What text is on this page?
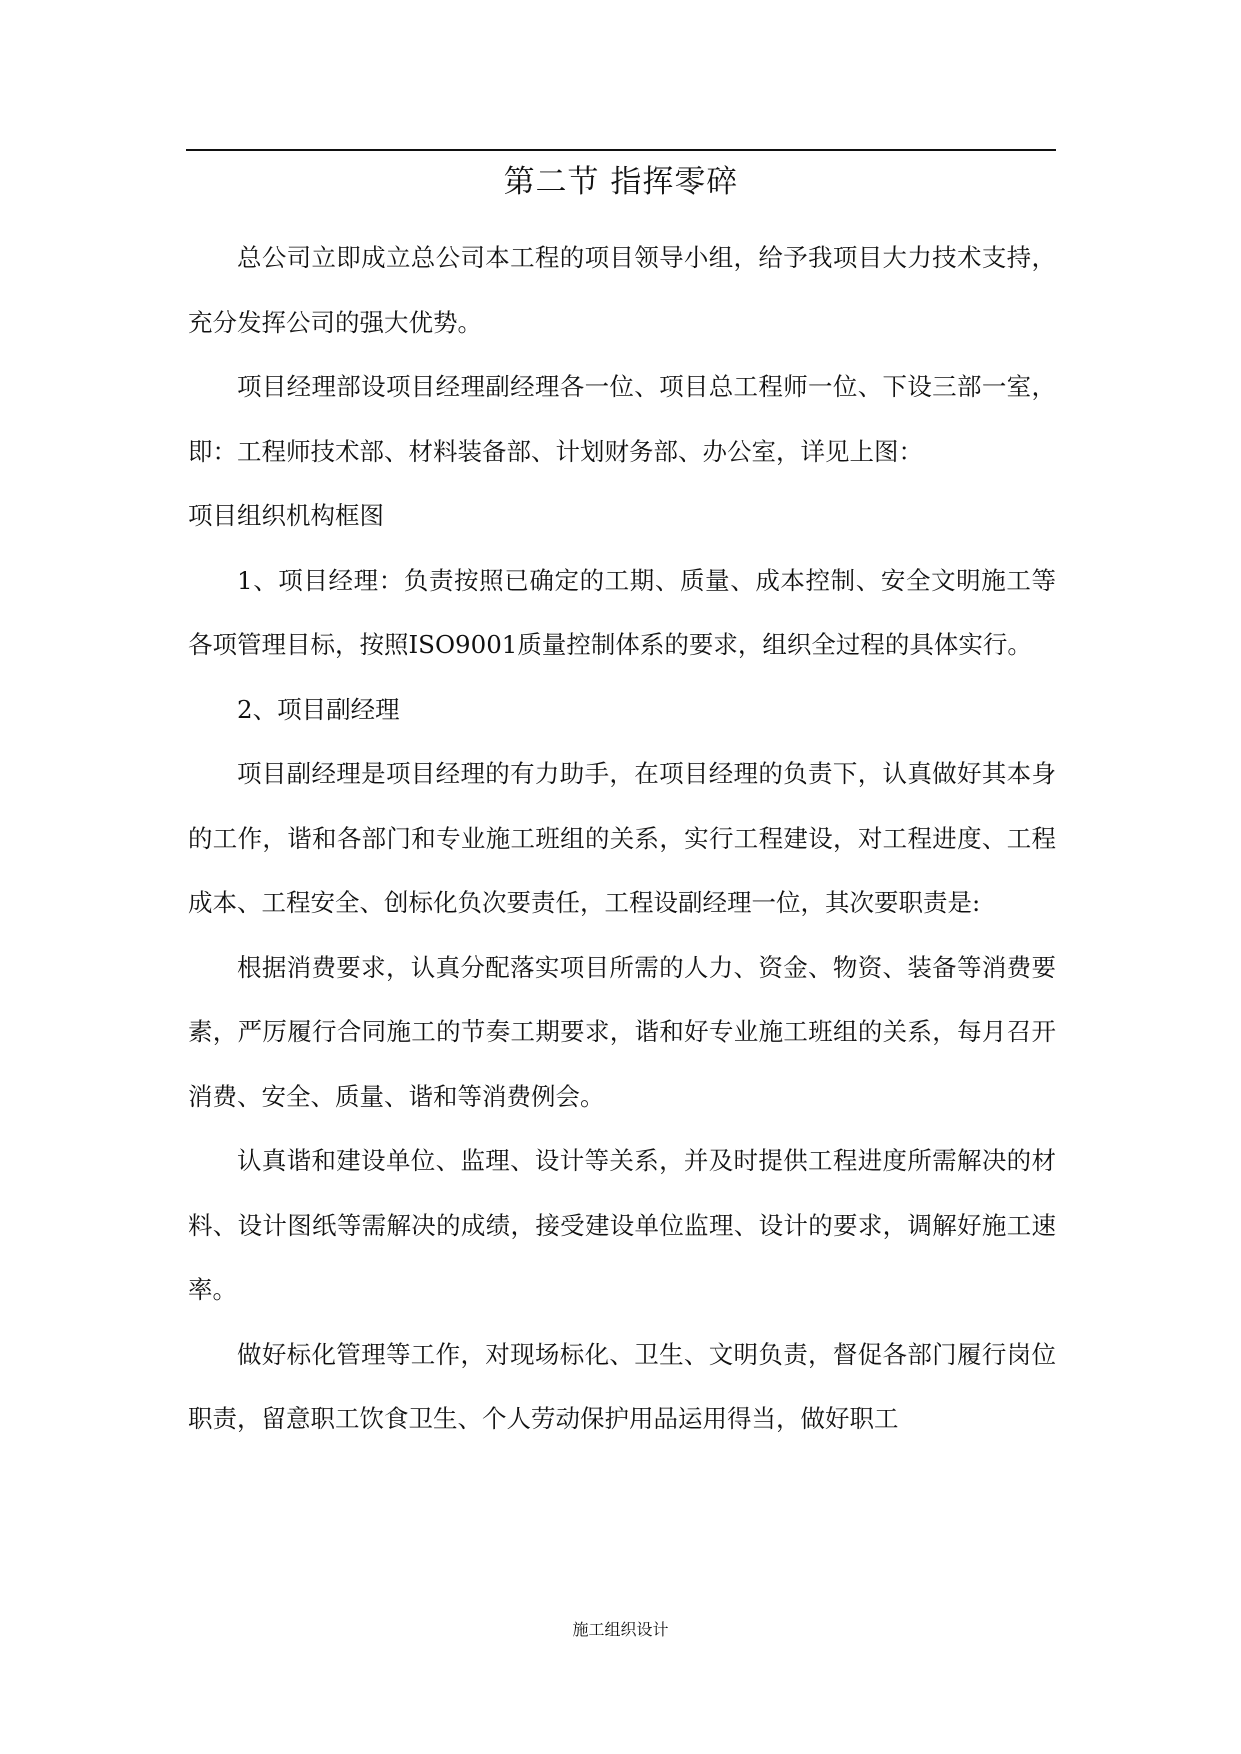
第二节 指挥零碎

总公司立即成立总公司本工程的项目领导小组，给予我项目大力技术支持，充分发挥公司的强大优势。

项目经理部设项目经理副经理各一位、项目总工程师一位、下设三部一室，即：工程师技术部、材料装备部、计划财务部、办公室，详见上图：

项目组织机构框图

1、项目经理：负责按照已确定的工期、质量、成本控制、安全文明施工等各项管理目标，按照ISO9001质量控制体系的要求，组织全过程的具体实行。

2、项目副经理

项目副经理是项目经理的有力助手，在项目经理的负责下，认真做好其本身的工作，谐和各部门和专业施工班组的关系，实行工程建设，对工程进度、工程成本、工程安全、创标化负次要责任，工程设副经理一位，其次要职责是:

根据消费要求，认真分配落实项目所需的人力、资金、物资、装备等消费要素，严厉履行合同施工的节奏工期要求，谐和好专业施工班组的关系，每月召开消费、安全、质量、谐和等消费例会。

认真谐和建设单位、监理、设计等关系，并及时提供工程进度所需解决的材料、设计图纸等需解决的成绩，接受建设单位监理、设计的要求，调解好施工速率。

做好标化管理等工作，对现场标化、卫生、文明负责，督促各部门履行岗位职责，留意职工饮食卫生、个人劳动保护用品运用得当，做好职工

施工组织设计
